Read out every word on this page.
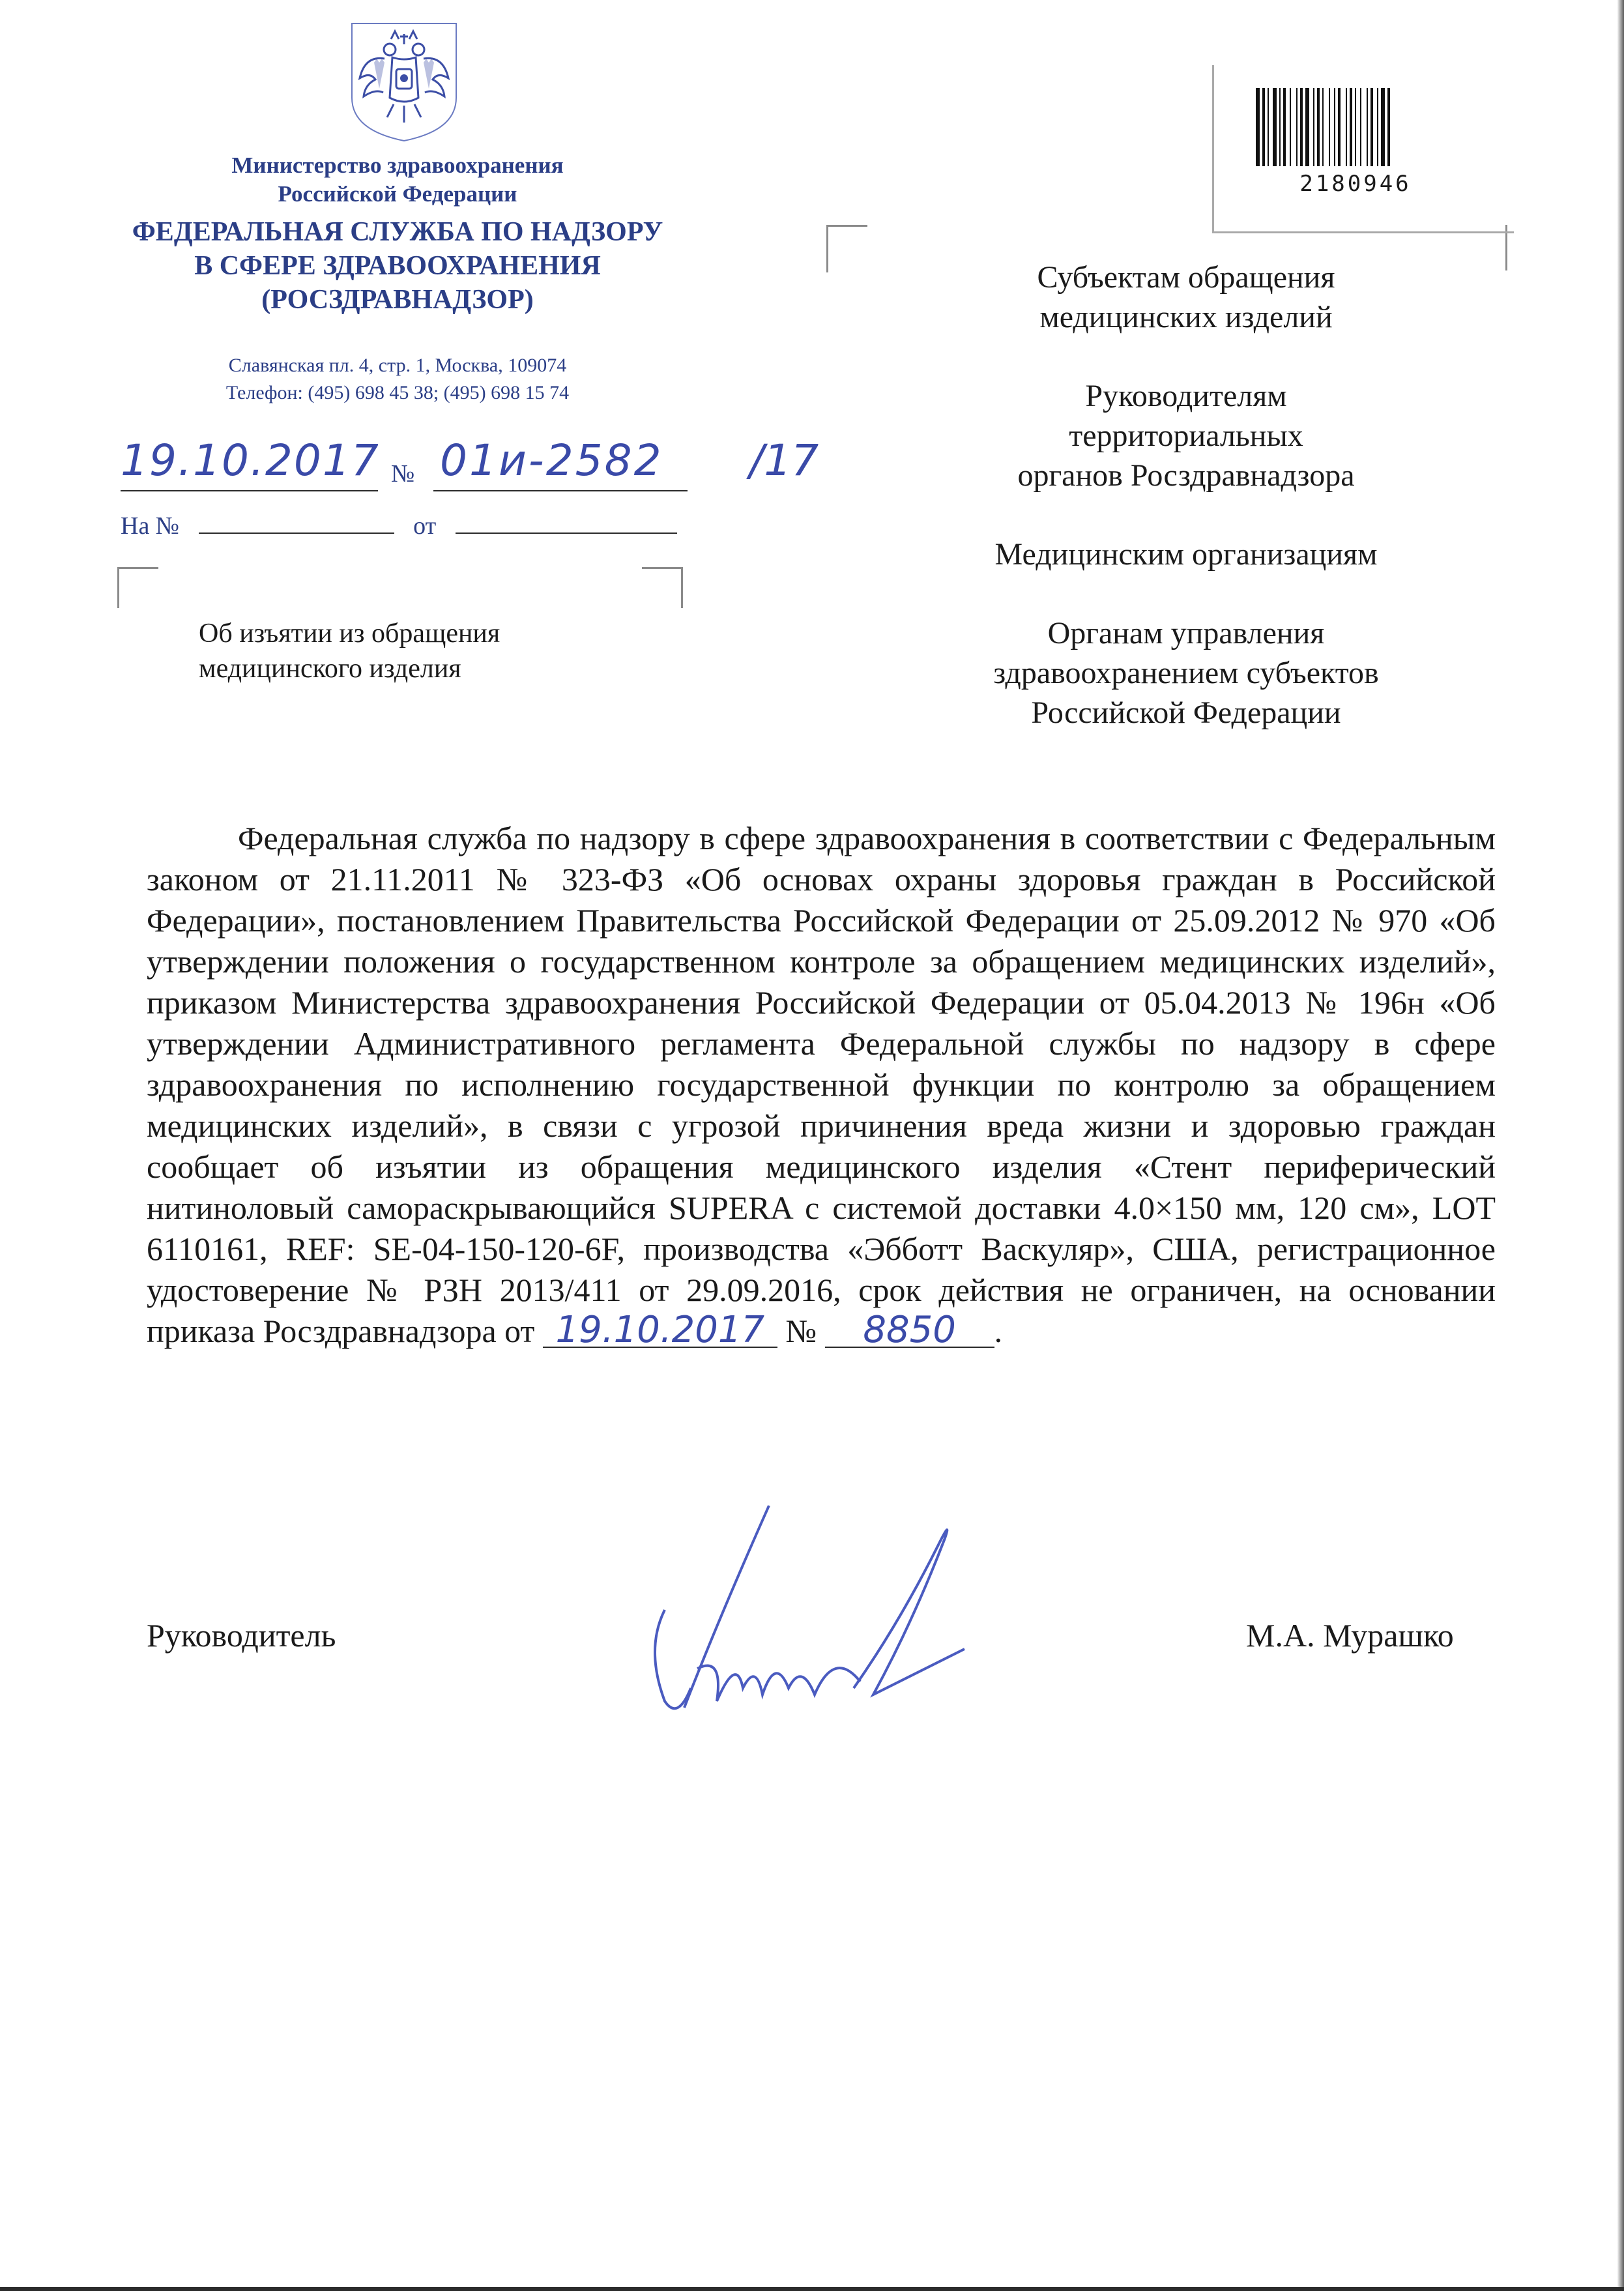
Министерство здравоохранения
Российской Федерации
ФЕДЕРАЛЬНАЯ СЛУЖБА ПО НАДЗОРУ
В СФЕРЕ ЗДРАВООХРАНЕНИЯ
(РОСЗДРАВНАДЗОР)
Славянская пл. 4, стр. 1, Москва, 109074
Телефон: (495) 698 45 38; (495) 698 15 74
19.10.2017 № 01и-2582	/17
На №	от
Об изъятии из обращения
медицинского изделия
2180946

Субъектам обращения
медицинских изделий

Руководителям
территориальных
органов Росздравнадзора

Медицинским организациям

Органам управления
здравоохранением субъектов
Российской Федерации

Федеральная служба по надзору в сфере здравоохранения в соответствии с Федеральным законом от 21.11.2011 № 323-ФЗ «Об основах охраны здоровья граждан в Российской Федерации», постановлением Правительства Российской Федерации от 25.09.2012 № 970 «Об утверждении положения о государственном контроле за обращением медицинских изделий», приказом Министерства здравоохранения Российской Федерации от 05.04.2013 № 196н «Об утверждении Административного регламента Федеральной службы по надзору в сфере здравоохранения по исполнению государственной функции по контролю за обращением медицинских изделий», в связи с угрозой причинения вреда жизни и здоровью граждан сообщает об изъятии из обращения медицинского изделия «Стент периферический нитиноловый самораскрывающийся SUPERA с системой доставки 4.0×150 мм, 120 см», LOT 6110161, REF: SE-04-150-120-6F, производства «Эбботт Васкуляр», США, регистрационное удостоверение № РЗН 2013/411 от 29.09.2016, срок действия не ограничен, на основании приказа Росздравнадзора от 19.10.2017 № 8850 .
Руководитель	М.А. Мурашко
